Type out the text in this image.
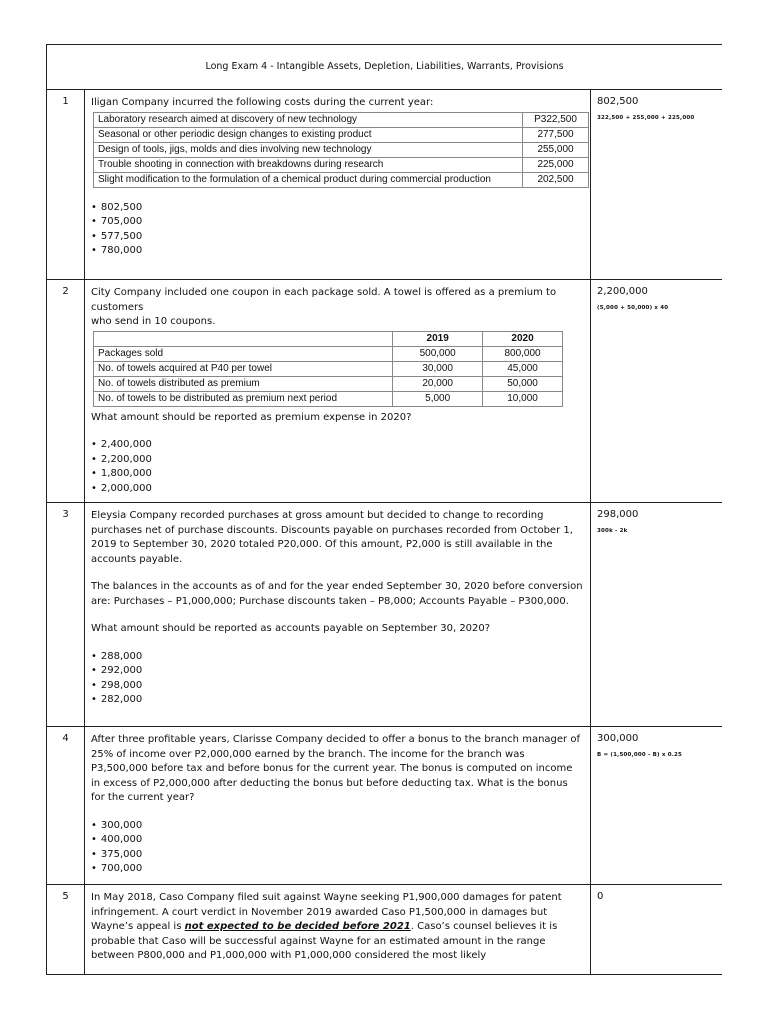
Long Exam 4 - Intangible Assets, Depletion, Liabilities, Warrants, Provisions
1	Iligan Company incurred the following costs during the current year:

Laboratory research aimed at discovery of new technology	P322,500
Seasonal or other periodic design changes to existing product	277,500
Design of tools, jigs, molds and dies involving new technology	255,000
Trouble shooting in connection with breakdowns during research	225,000
Slight modification to the formulation of a chemical product during commercial production	202,500
• 802,500
• 705,000
• 577,500
• 780,000

802,500
322,500 + 255,000 + 225,000

2	City Company included one coupon in each package sold. A towel is offered as a premium to customers

who send in 10 coupons.

	2019	2020
Packages sold	500,000	800,000
No. of towels acquired at P40 per towel	30,000	45,000
No. of towels distributed as premium	20,000	50,000
No. of towels to be distributed as premium next period	5,000	10,000

What amount should be reported as premium expense in 2020?

• 2,400,000
• 2,200,000
• 1,800,000
• 2,000,000

2,200,000
(5,000 + 50,000) x 40

3	Eleysia Company recorded purchases at gross amount but decided to change to recording purchases net of purchase discounts. Discounts payable on purchases recorded from October 1, 2019 to September 30, 2020 totaled P20,000. Of this amount, P2,000 is still available in the accounts payable.

The balances in the accounts as of and for the year ended September 30, 2020 before conversion are: Purchases – P1,000,000; Purchase discounts taken – P8,000; Accounts Payable – P300,000.

What amount should be reported as accounts payable on September 30, 2020?

• 288,000
• 292,000
• 298,000
• 282,000

298,000
300k - 2k

4	After three profitable years, Clarisse Company decided to offer a bonus to the branch manager of 25% of income over P2,000,000 earned by the branch. The income for the branch was P3,500,000 before tax and before bonus for the current year. The bonus is computed on income in excess of P2,000,000 after deducting the bonus but before deducting tax. What is the bonus for the current year?

• 300,000
• 400,000
• 375,000
• 700,000

300,000
B = (1,500,000 - B) x 0.25

5	In May 2018, Caso Company filed suit against Wayne seeking P1,900,000 damages for patent infringement. A court verdict in November 2019 awarded Caso P1,500,000 in damages but Wayne’s appeal is not expected to be decided before 2021. Caso’s counsel believes it is probable that Caso will be successful against Wayne for an estimated amount in the range between P800,000 and P1,000,000 with P1,000,000 considered the most likely

0
